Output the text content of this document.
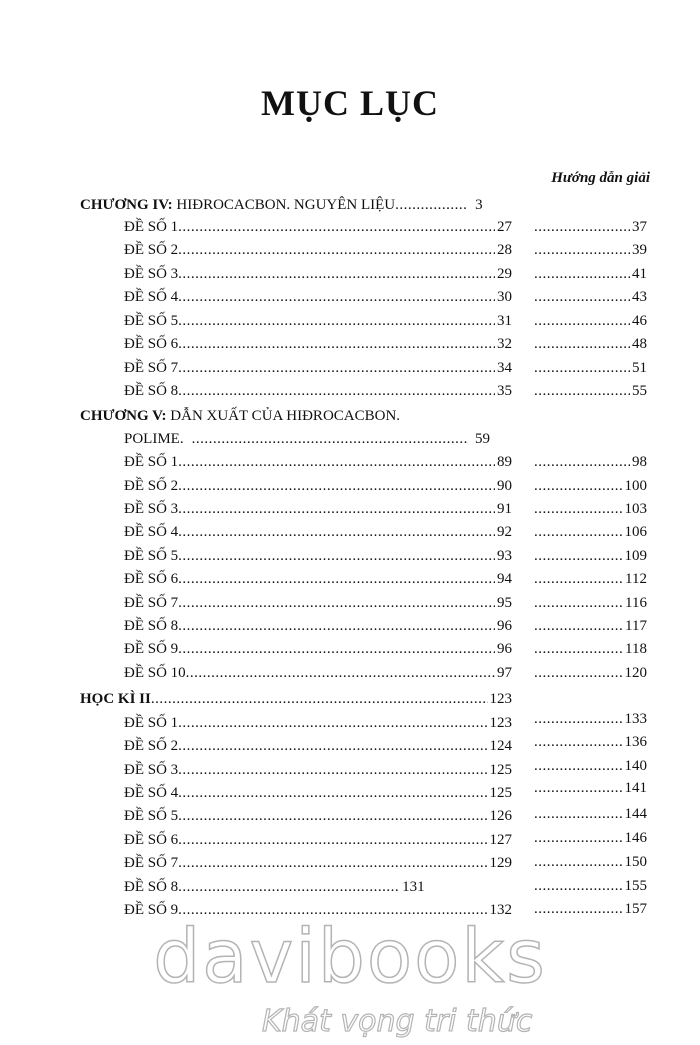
MỤC LỤC
Hướng dẫn giải
CHƯƠNG IV: HIĐROCACBON. NGUYÊN LIỆU .....	3
ĐỀ SỐ 1 .....	27 .....	37
ĐỀ SỐ 2 .....	28 .....	39
ĐỀ SỐ 3 .....	29 .....	41
ĐỀ SỐ 4 .....	30 .....	43
ĐỀ SỐ 5 .....	31 .....	46
ĐỀ SỐ 6 .....	32 .....	48
ĐỀ SỐ 7 .....	34 .....	51
ĐỀ SỐ 8 .....	35 .....	55
CHƯƠNG V: DẪN XUẤT CỦA HIĐROCACBON.
POLIME. .....	59
ĐỀ SỐ 1 .....	89 .....	98
ĐỀ SỐ 2 .....	90 .....	100
ĐỀ SỐ 3 .....	91 .....	103
ĐỀ SỐ 4 .....	92 .....	106
ĐỀ SỐ 5 .....	93 .....	109
ĐỀ SỐ 6 .....	94 .....	112
ĐỀ SỐ 7 .....	95 .....	116
ĐỀ SỐ 8 .....	96 .....	117
ĐỀ SỐ 9 .....	96 .....	118
ĐỀ SỐ 10 .....	97 .....	120
HỌC KÌ II .....	123
ĐỀ SỐ 1 .....	123 .....	133
ĐỀ SỐ 2 .....	124 .....	136
ĐỀ SỐ 3 .....	125 .....	140
ĐỀ SỐ 4 .....	125 .....	141
ĐỀ SỐ 5 .....	126 .....	144
ĐỀ SỐ 6 .....	127 .....	146
ĐỀ SỐ 7 .....	129 .....	150
ĐỀ SỐ 8 .....	131 .....	155
ĐỀ SỐ 9 .....	132 .....	157
davibooks
Khát vọng tri thức
